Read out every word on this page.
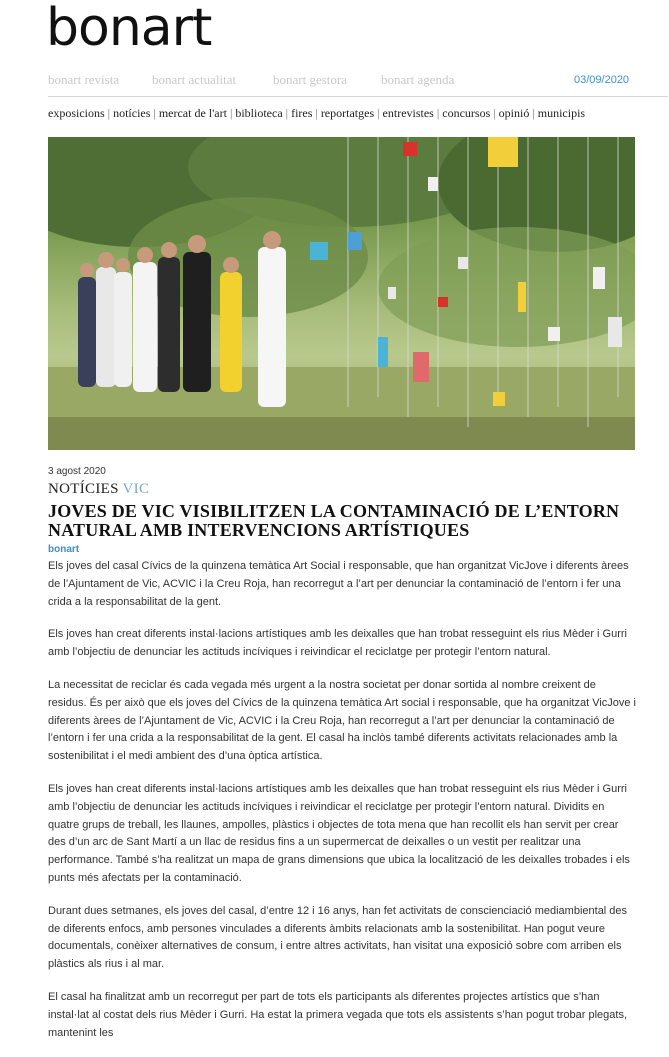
bonart
bonart revista	bonart actualitat	bonart gestora	bonart agenda	03/09/2020
exposicions | notícies | mercat de l'art | biblioteca | fires | reportatges | entrevistes | concursos | opinió | municipis
3 agost 2020
NOTÍCIES VIC
JOVES DE VIC VISIBILITZEN LA CONTAMINACIÓ DE L’ENTORN NATURAL AMB INTERVENCIONS ARTÍSTIQUES
bonart

Els joves del casal Cívics de la quinzena temàtica Art Social i responsable, que han organitzat VicJove i diferents àrees de l’Ajuntament de Vic, ACVIC i la Creu Roja, han recorregut a l’art per denunciar la contaminació de l’entorn i fer una crida a la responsabilitat de la gent.

Els joves han creat diferents instal·lacions artístiques amb les deixalles que han trobat resseguint els rius Mèder i Gurri amb l’objectiu de denunciar les actituds incíviques i reivindicar el reciclatge per protegir l’entorn natural.

La necessitat de reciclar és cada vegada més urgent a la nostra societat per donar sortida al nombre creixent de residus. És per això que els joves del Cívics de la quinzena temàtica Art social i responsable, que ha organitzat VicJove i diferents àrees de l’Ajuntament de Vic, ACVIC i la Creu Roja, han recorregut a l’art per denunciar la contaminació de l’entorn i fer una crida a la responsabilitat de la gent. El casal ha inclòs també diferents activitats relacionades amb la sostenibilitat i el medi ambient des d’una òptica artística.

Els joves han creat diferents instal·lacions artístiques amb les deixalles que han trobat resseguint els rius Mèder i Gurri amb l’objectiu de denunciar les actituds incíviques i reivindicar el reciclatge per protegir l’entorn natural. Dividits en quatre grups de treball, les llaunes, ampolles, plàstics i objectes de tota mena que han recollit els han servit per crear des d’un arc de Sant Martí a un llac de residus fins a un supermercat de deixalles o un vestit per realitzar una performance. També s’ha realitzat un mapa de grans dimensions que ubica la localització de les deixalles trobades i els punts més afectats per la contaminació.

Durant dues setmanes, els joves del casal, d’entre 12 i 16 anys, han fet activitats de conscienciació mediambiental des de diferents enfocs, amb persones vinculades a diferents àmbits relacionats amb la sostenibilitat. Han pogut veure documentals, conèixer alternatives de consum, i entre altres activitats, han visitat una exposició sobre com arriben els plàstics als rius i al mar.

El casal ha finalitzat amb un recorregut per part de tots els participants als diferentes projectes artístics que s’han instal·lat al costat dels rius Mèder i Gurri. Ha estat la primera vegada que tots els assistents s’han pogut trobar plegats, mantenint les
